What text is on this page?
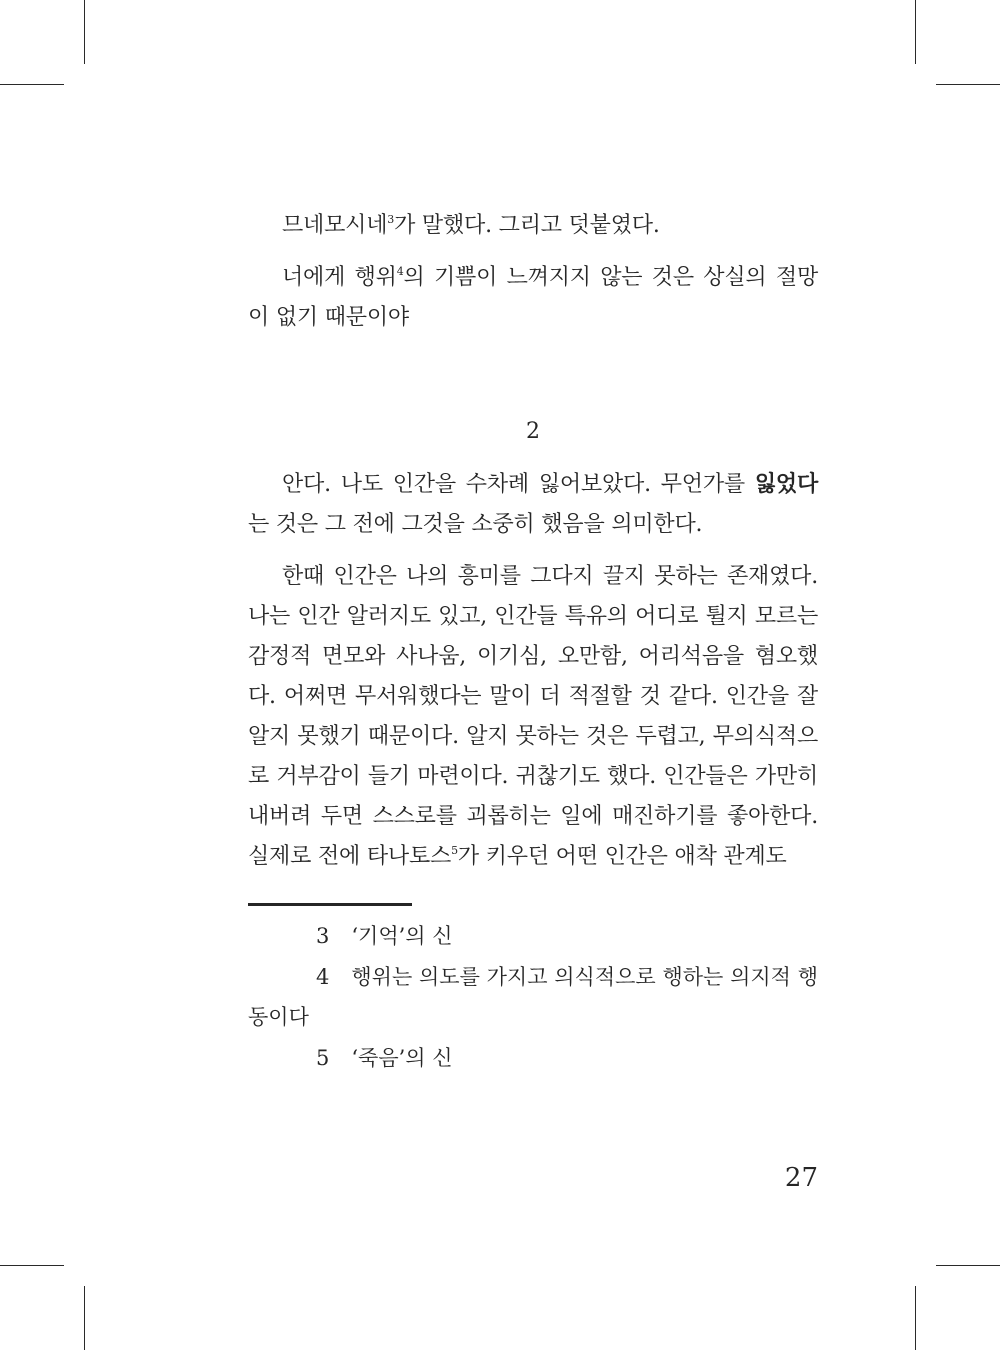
므네모시네$^3$가 말했다. 그리고 덧붙였다.

너에게 행위$^4$의 기쁨이 느껴지지 않는 것은 상실의 절망이 없기 때문이야

2

안다. 나도 인간을 수차례 잃어보았다. 무언가를 잃었다는 것은 그 전에 그것을 소중히 했음을 의미한다.

한때 인간은 나의 흥미를 그다지 끌지 못하는 존재였다. 나는 인간 알러지도 있고, 인간들 특유의 어디로 튈지 모르는 감정적 면모와 사나움, 이기심, 오만함, 어리석음을 혐오했다. 어쩌면 무서워했다는 말이 더 적절할 것 같다. 인간을 잘 알지 못했기 때문이다. 알지 못하는 것은 두렵고, 무의식적으로 거부감이 들기 마련이다. 귀찮기도 했다. 인간들은 가만히 내버려 두면 스스로를 괴롭히는 일에 매진하기를 좋아한다. 실제로 전에 타나토스$^5$가 키우던 어떤 인간은 애착 관계도

3 ‘기억’의 신

4 행위는 의도를 가지고 의식적으로 행하는 의지적 행동이다

5 ‘죽음’의 신

27
